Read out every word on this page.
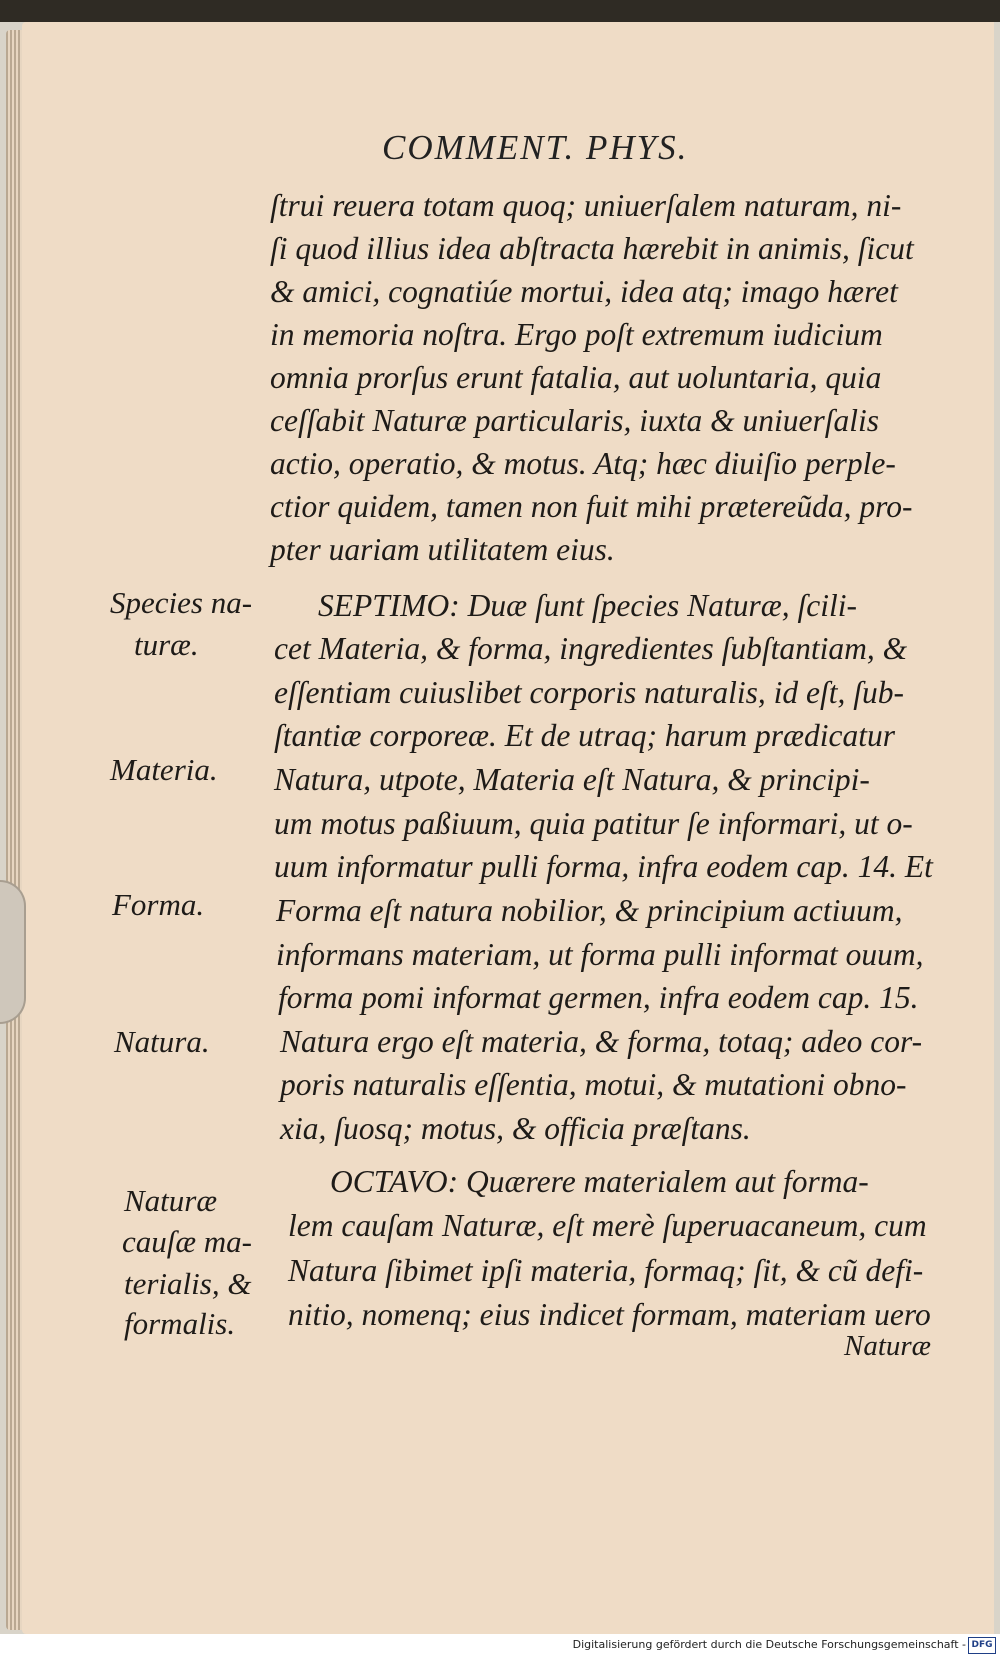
COMMENT. PHYS.
ſtrui reuera totam quoq; uniuerſalem naturam, ni-
ſi quod illius idea abſtracta hærebit in animis, ſicut
& amici, cognatiúe mortui, idea atq; imago hæret
in memoria noſtra. Ergo poſt extremum iudicium
omnia prorſus erunt fatalia, aut uoluntaria, quia
ceſſabit Naturæ particularis, iuxta & uniuerſalis
actio, operatio, & motus. Atq; hæc diuiſio perple-
ctior quidem, tamen non fuit mihi prætereũda, pro-
pter uariam utilitatem eius.
SEPTIMO: Duæ ſunt ſpecies Naturæ, ſcili-
cet Materia, & forma, ingredientes ſubſtantiam, &
eſſentiam cuiuslibet corporis naturalis, id eſt, ſub-
ſtantiæ corporeæ. Et de utraq; harum prædicatur
Natura, utpote, Materia eſt Natura, & principi-
um motus paßiuum, quia patitur ſe informari, ut o-
uum informatur pulli forma, infra eodem cap. 14. Et
Forma eſt natura nobilior, & principium actiuum,
informans materiam, ut forma pulli informat ouum,
forma pomi informat germen, infra eodem cap. 15.
Natura ergo eſt materia, & forma, totaq; adeo cor-
poris naturalis eſſentia, motui, & mutationi obno-
xia, ſuosq; motus, & officia præſtans.
OCTAVO: Quærere materialem aut forma-
lem cauſam Naturæ, eſt merè ſuperuacaneum, cum
Natura ſibimet ipſi materia, formaq; ſit, & cũ defi-
nitio, nomenq; eius indicet formam, materiam uero
Species na-
turæ.
Materia.
Forma.
Natura.
Naturæ
cauſæ ma-
terialis, &
formalis.
Naturæ
Digitalisierung gefördert durch die Deutsche Forschungsgemeinschaft - DFG
